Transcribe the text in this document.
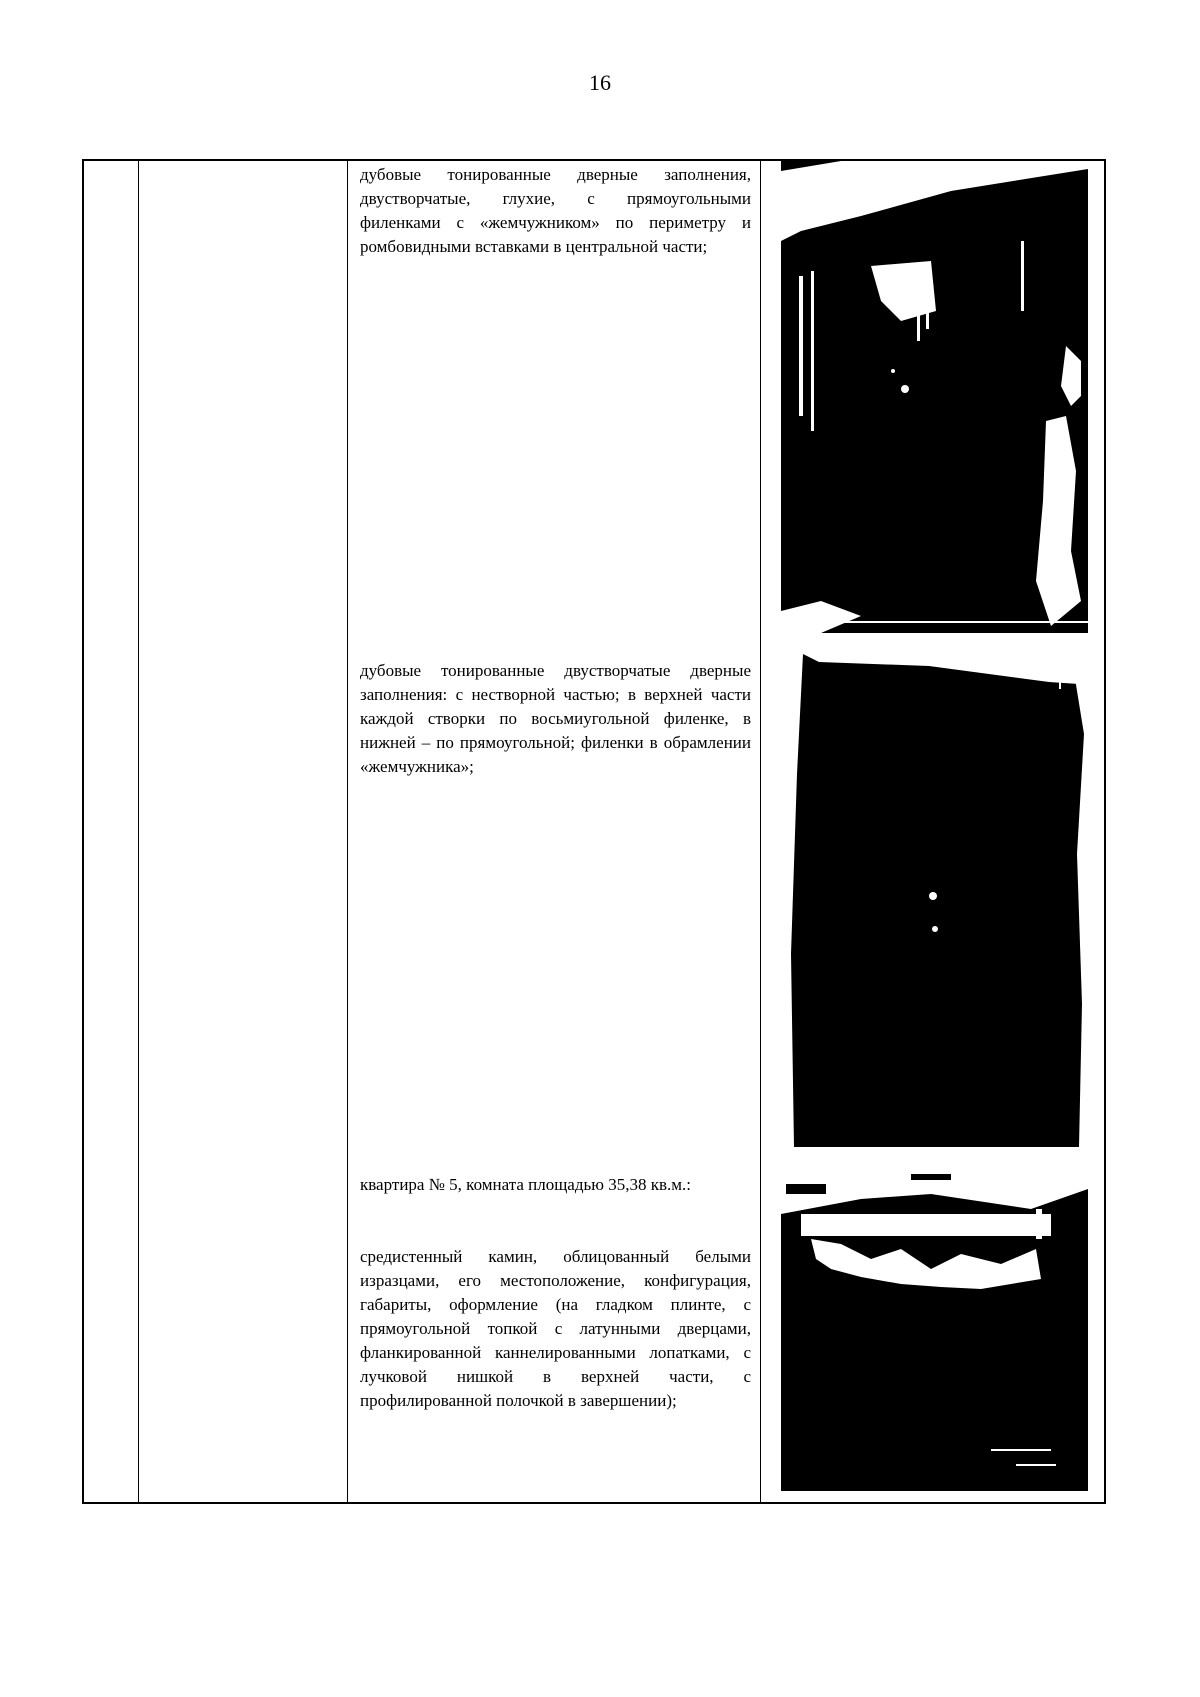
16

дубовые тонированные дверные заполнения, двустворчатые, глухие, с прямоугольными филенками с «жемчужником» по периметру и ромбовидными вставками в центральной части;

дубовые тонированные двустворчатые дверные заполнения: с нестворной частью; в верхней части каждой створки по восьмиугольной филенке, в нижней – по прямоугольной; филенки в обрамлении «жемчужника»;

квартира № 5, комната площадью 35,38 кв.м.:

средистенный камин, облицованный белыми изразцами, его местоположение, конфигурация, габариты, оформление (на гладком плинте, с прямоугольной топкой с латунными дверцами, фланкированной каннелированными лопатками, с лучковой нишкой в верхней части, с профилированной полочкой в завершении);
